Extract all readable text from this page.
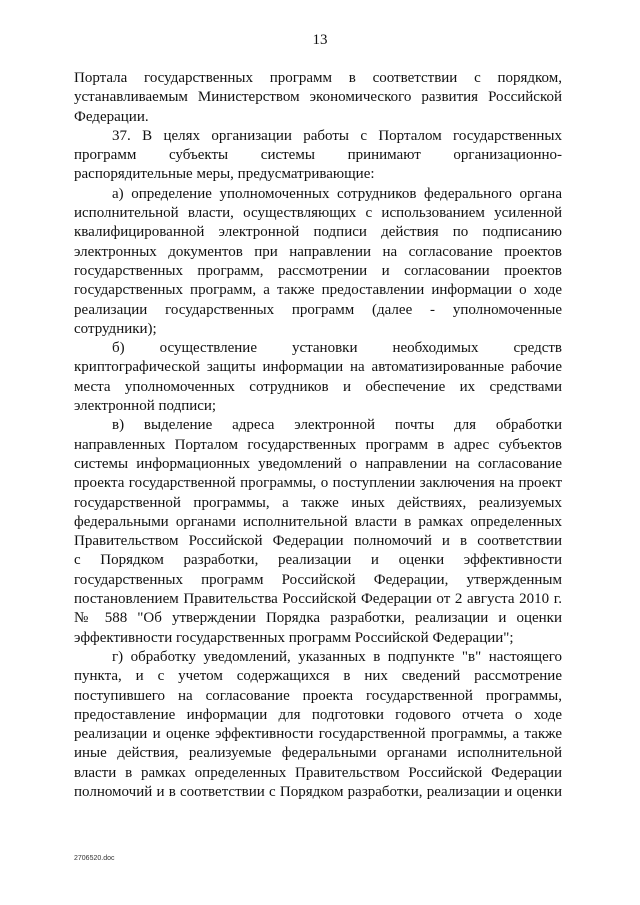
13
Портала государственных программ в соответствии с порядком,
устанавливаемым Министерством экономического развития Российской
Федерации.
37. В целях организации работы с Порталом государственных
программ субъекты системы принимают организационно-
распорядительные меры, предусматривающие:
а) определение уполномоченных сотрудников федерального органа
исполнительной власти, осуществляющих с использованием усиленной
квалифицированной электронной подписи действия по подписанию
электронных документов при направлении на согласование проектов
государственных программ, рассмотрении и согласовании проектов
государственных программ, а также предоставлении информации о ходе
реализации государственных программ (далее - уполномоченные
сотрудники);
б) осуществление установки необходимых средств
криптографической защиты информации на автоматизированные рабочие
места уполномоченных сотрудников и обеспечение их средствами
электронной подписи;
в) выделение адреса электронной почты для обработки
направленных Порталом государственных программ в адрес субъектов
системы информационных уведомлений о направлении на согласование
проекта государственной программы, о поступлении заключения на проект
государственной программы, а также иных действиях, реализуемых
федеральными органами исполнительной власти в рамках определенных
Правительством Российской Федерации полномочий и в соответствии
с Порядком разработки, реализации и оценки эффективности
государственных программ Российской Федерации, утвержденным
постановлением Правительства Российской Федерации от 2 августа 2010 г.
№ 588 "Об утверждении Порядка разработки, реализации и оценки
эффективности государственных программ Российской Федерации";
г) обработку уведомлений, указанных в подпункте "в" настоящего
пункта, и с учетом содержащихся в них сведений рассмотрение
поступившего на согласование проекта государственной программы,
предоставление информации для подготовки годового отчета о ходе
реализации и оценке эффективности государственной программы, а также
иные действия, реализуемые федеральными органами исполнительной
власти в рамках определенных Правительством Российской Федерации
полномочий и в соответствии с Порядком разработки, реализации и оценки
2706520.doc
